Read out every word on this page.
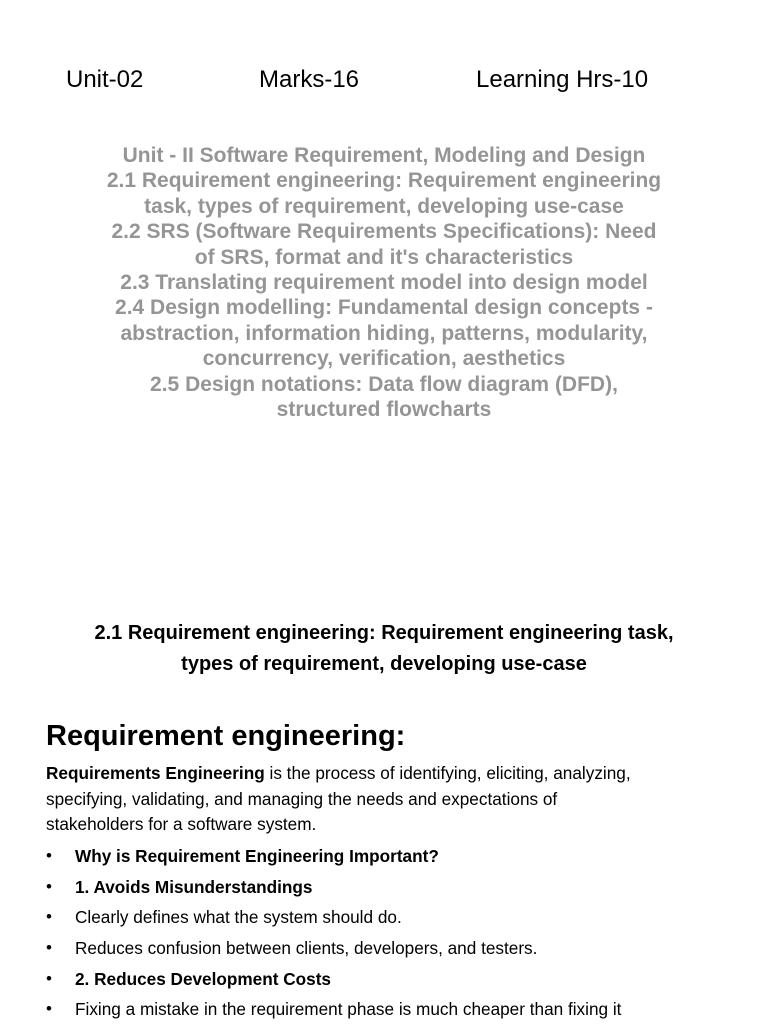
Unit-02	Marks-16	Learning Hrs-10
Unit - II Software Requirement, Modeling and Design
2.1 Requirement engineering: Requirement engineering
task, types of requirement, developing use-case
2.2 SRS (Software Requirements Specifications): Need
of SRS, format and it's characteristics
2.3 Translating requirement model into design model
2.4 Design modelling: Fundamental design concepts -
abstraction, information hiding, patterns, modularity,
concurrency, verification, aesthetics
2.5 Design notations: Data flow diagram (DFD),
structured flowcharts
2.1 Requirement engineering: Requirement engineering task,
types of requirement, developing use-case
Requirement engineering:
Requirements Engineering is the process of identifying, eliciting, analyzing,
specifying, validating, and managing the needs and expectations of
stakeholders for a software system.
• Why is Requirement Engineering Important?
• 1. Avoids Misunderstandings
• Clearly defines what the system should do.
• Reduces confusion between clients, developers, and testers.
• 2. Reduces Development Costs
• Fixing a mistake in the requirement phase is much cheaper than fixing it
